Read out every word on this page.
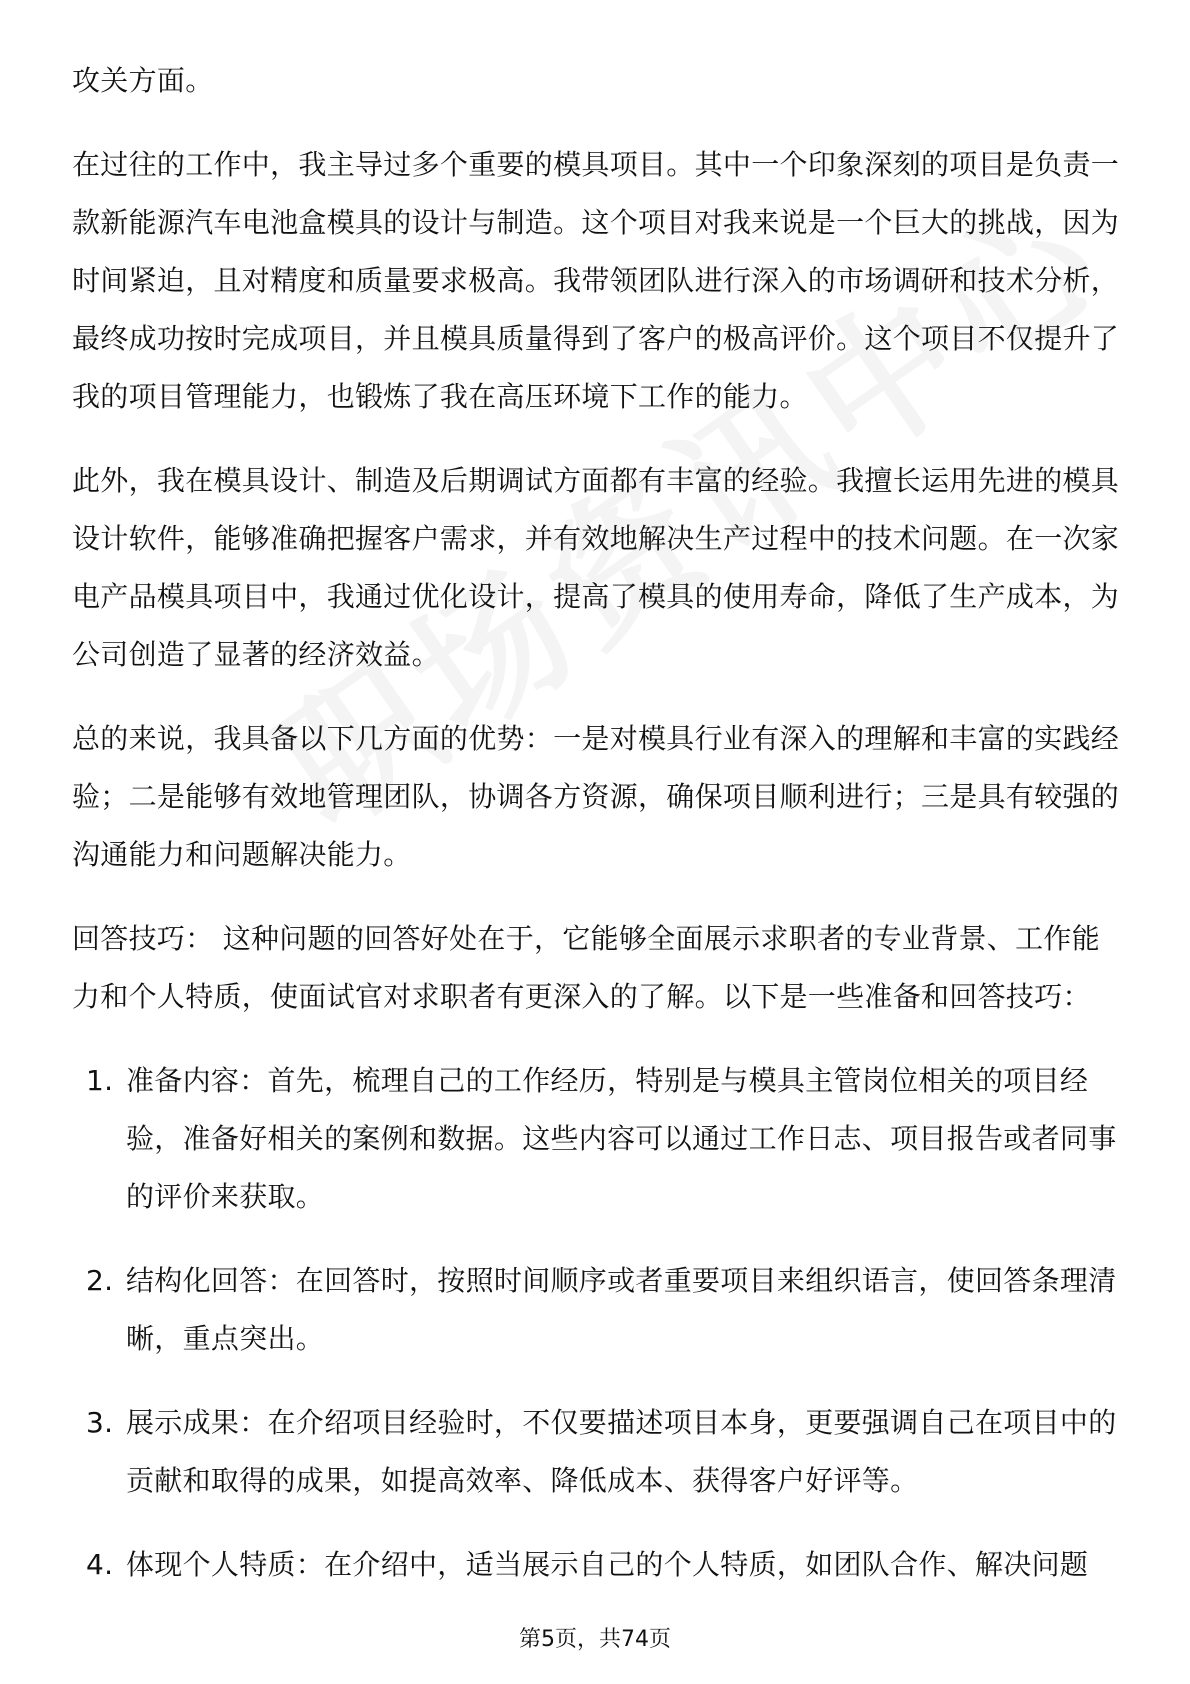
攻关方面。

在过往的工作中，我主导过多个重要的模具项目。其中一个印象深刻的项目是负责一款新能源汽车电池盒模具的设计与制造。这个项目对我来说是一个巨大的挑战，因为时间紧迫，且对精度和质量要求极高。我带领团队进行深入的市场调研和技术分析，最终成功按时完成项目，并且模具质量得到了客户的极高评价。这个项目不仅提升了我的项目管理能力，也锻炼了我在高压环境下工作的能力。

此外，我在模具设计、制造及后期调试方面都有丰富的经验。我擅长运用先进的模具设计软件，能够准确把握客户需求，并有效地解决生产过程中的技术问题。在一次家电产品模具项目中，我通过优化设计，提高了模具的使用寿命，降低了生产成本，为公司创造了显著的经济效益。

总的来说，我具备以下几方面的优势：一是对模具行业有深入的理解和丰富的实践经验；二是能够有效地管理团队，协调各方资源，确保项目顺利进行；三是具有较强的沟通能力和问题解决能力。

回答技巧： 这种问题的回答好处在于，它能够全面展示求职者的专业背景、工作能力和个人特质，使面试官对求职者有更深入的了解。以下是一些准备和回答技巧：

1. 准备内容：首先，梳理自己的工作经历，特别是与模具主管岗位相关的项目经验，准备好相关的案例和数据。这些内容可以通过工作日志、项目报告或者同事的评价来获取。
2. 结构化回答：在回答时，按照时间顺序或者重要项目来组织语言，使回答条理清晰，重点突出。
3. 展示成果：在介绍项目经验时，不仅要描述项目本身，更要强调自己在项目中的贡献和取得的成果，如提高效率、降低成本、获得客户好评等。
4. 体现个人特质：在介绍中，适当展示自己的个人特质，如团队合作、解决问题
第5页，共74页
